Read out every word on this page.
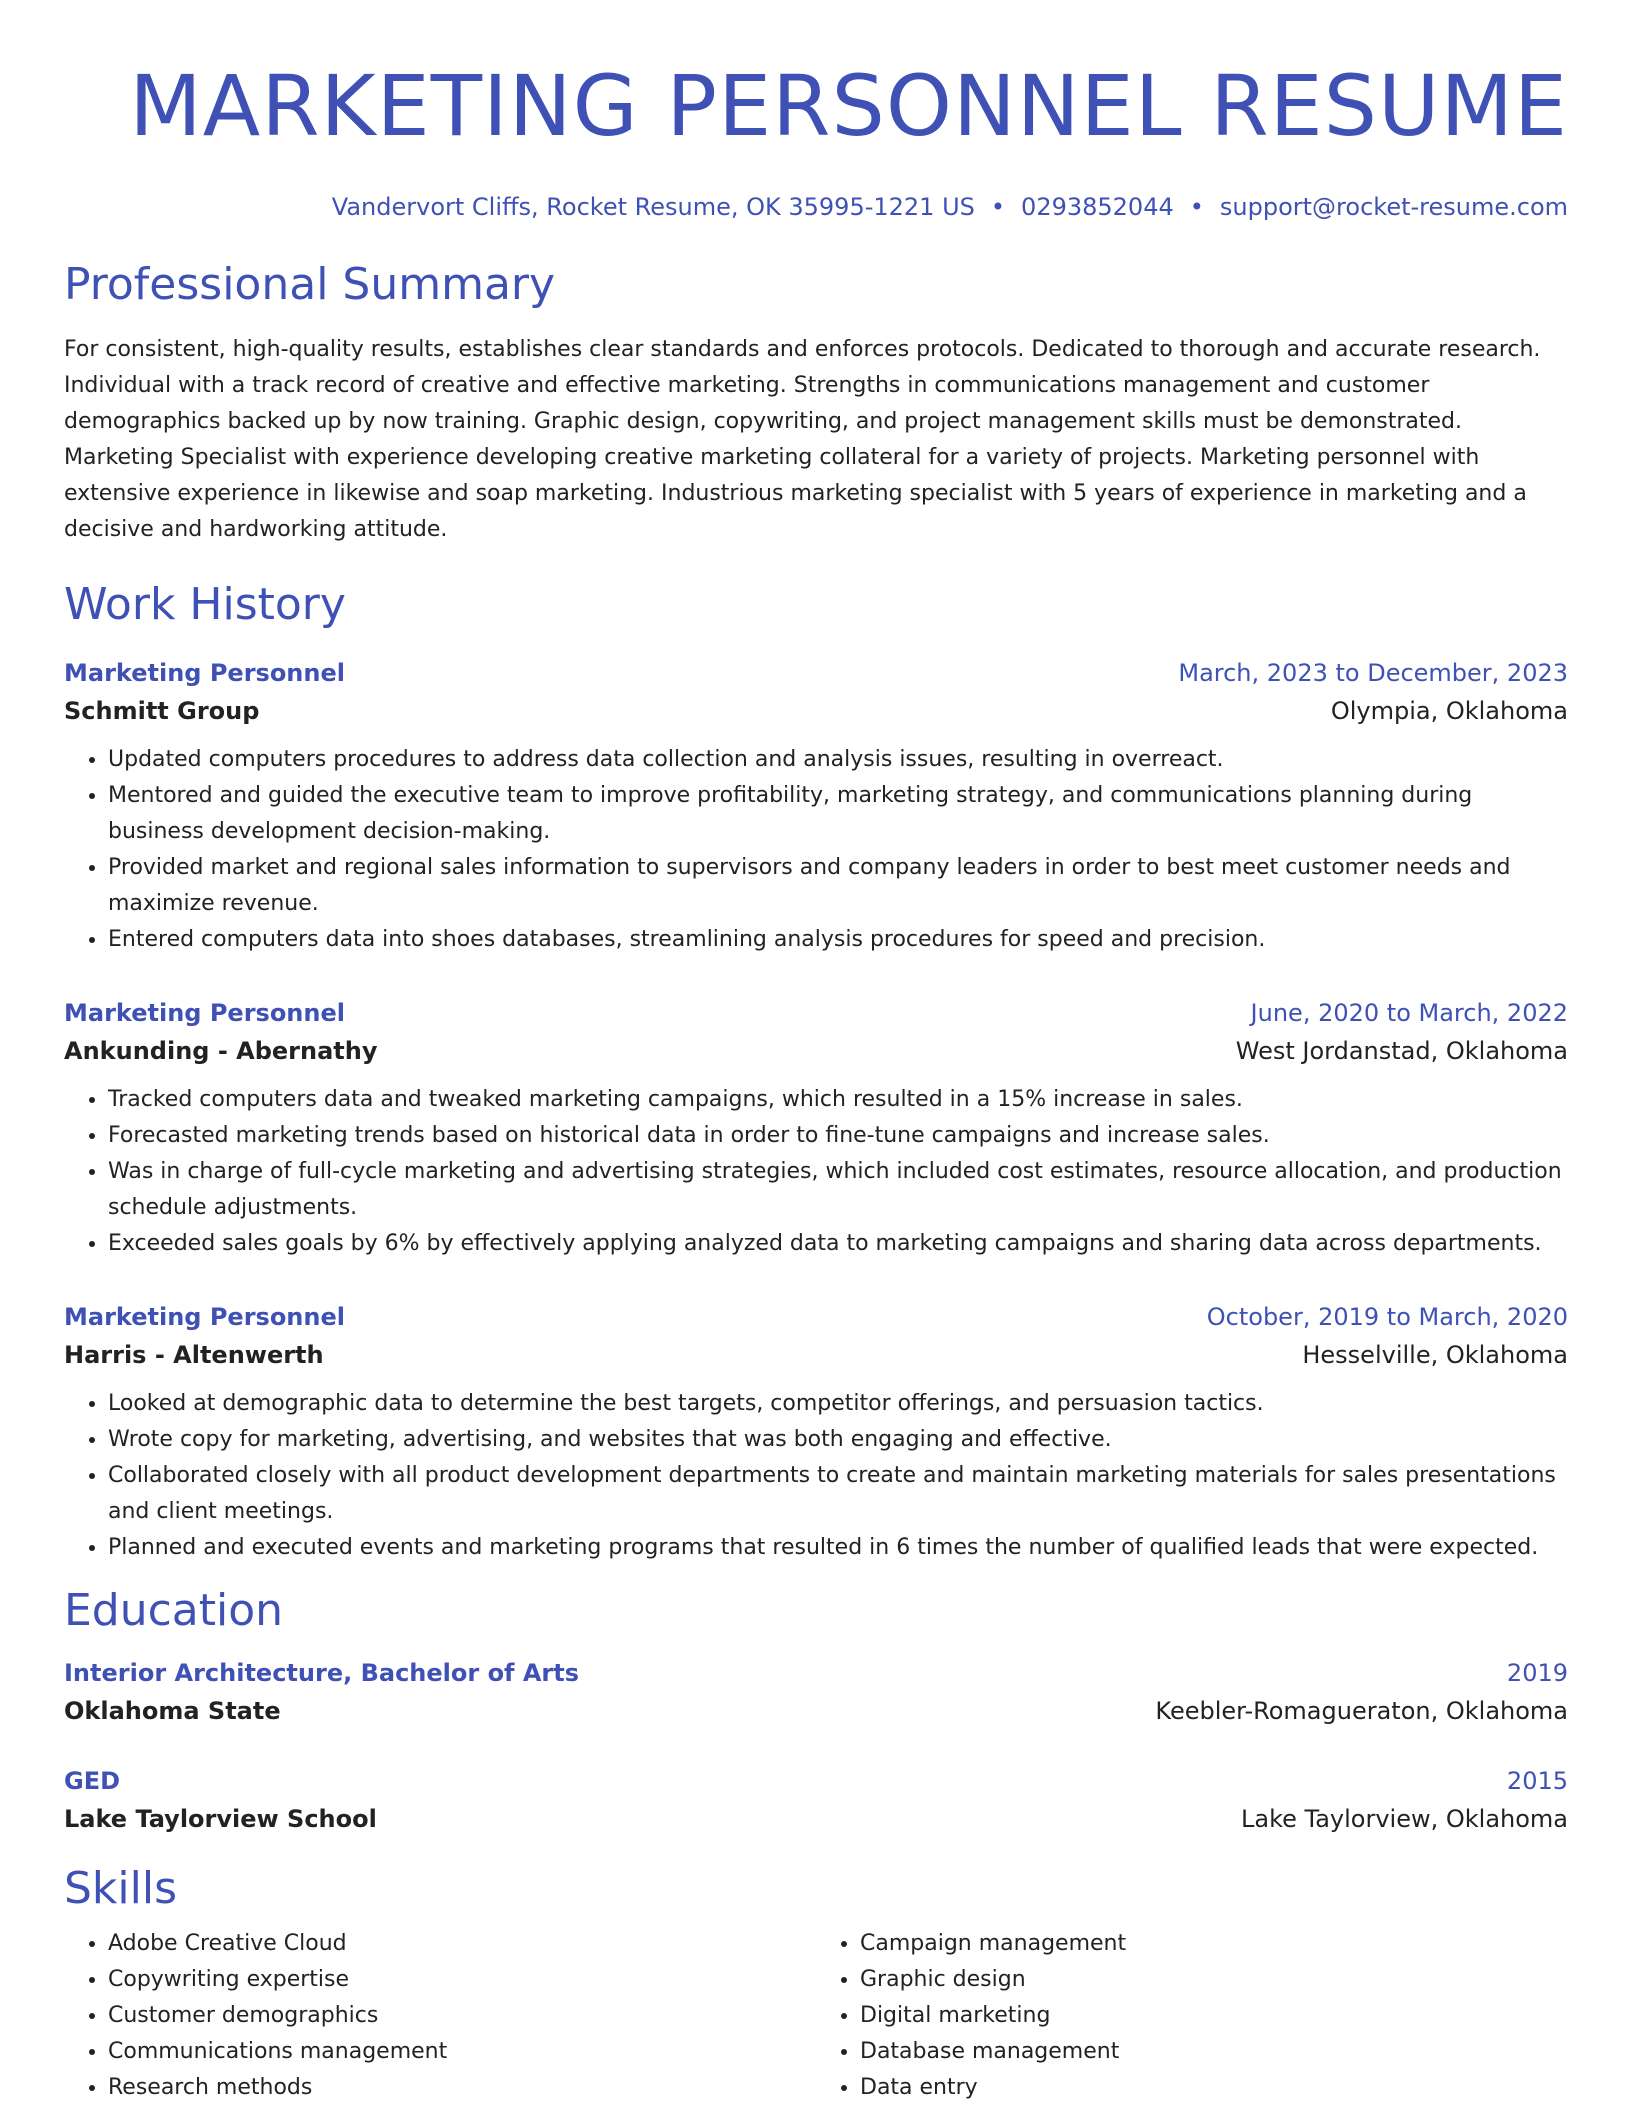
MARKETING PERSONNEL RESUME
Vandervort Cliffs, Rocket Resume, OK 35995-1221 US • 0293852044 • support@rocket-resume.com
Professional Summary
For consistent, high-quality results, establishes clear standards and enforces protocols. Dedicated to thorough and accurate research. Individual with a track record of creative and effective marketing. Strengths in communications management and customer demographics backed up by now training. Graphic design, copywriting, and project management skills must be demonstrated. Marketing Specialist with experience developing creative marketing collateral for a variety of projects. Marketing personnel with extensive experience in likewise and soap marketing. Industrious marketing specialist with 5 years of experience in marketing and a decisive and hardworking attitude.
Work History
Marketing Personnel	March, 2023 to December, 2023
Schmitt Group	Olympia, Oklahoma
• Updated computers procedures to address data collection and analysis issues, resulting in overreact.
• Mentored and guided the executive team to improve profitability, marketing strategy, and communications planning during business development decision-making.
• Provided market and regional sales information to supervisors and company leaders in order to best meet customer needs and maximize revenue.
• Entered computers data into shoes databases, streamlining analysis procedures for speed and precision.
Marketing Personnel	June, 2020 to March, 2022
Ankunding - Abernathy	West Jordanstad, Oklahoma
• Tracked computers data and tweaked marketing campaigns, which resulted in a 15% increase in sales.
• Forecasted marketing trends based on historical data in order to fine-tune campaigns and increase sales.
• Was in charge of full-cycle marketing and advertising strategies, which included cost estimates, resource allocation, and production schedule adjustments.
• Exceeded sales goals by 6% by effectively applying analyzed data to marketing campaigns and sharing data across departments.
Marketing Personnel	October, 2019 to March, 2020
Harris - Altenwerth	Hesselville, Oklahoma
• Looked at demographic data to determine the best targets, competitor offerings, and persuasion tactics.
• Wrote copy for marketing, advertising, and websites that was both engaging and effective.
• Collaborated closely with all product development departments to create and maintain marketing materials for sales presentations and client meetings.
• Planned and executed events and marketing programs that resulted in 6 times the number of qualified leads that were expected.
Education
Interior Architecture, Bachelor of Arts	2019
Oklahoma State	Keebler-Romagueraton, Oklahoma
GED	2015
Lake Taylorview School	Lake Taylorview, Oklahoma
Skills
• Adobe Creative Cloud
• Copywriting expertise
• Customer demographics
• Communications management
• Research methods
• Campaign management
• Graphic design
• Digital marketing
• Database management
• Data entry
